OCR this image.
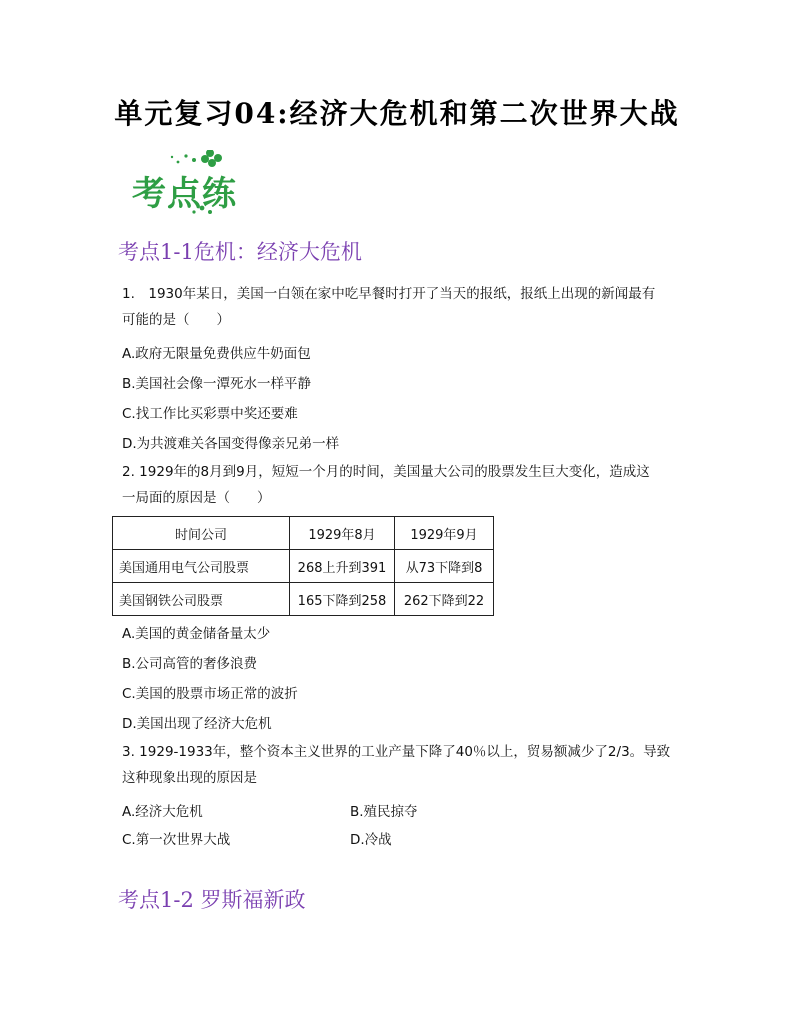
单元复习04:经济大危机和第二次世界大战
考点练
考点1-1危机：经济大危机
1.　1930年某日，美国一白领在家中吃早餐时打开了当天的报纸，报纸上出现的新闻最有
可能的是（　　）
A.政府无限量免费供应牛奶面包
B.美国社会像一潭死水一样平静
C.找工作比买彩票中奖还要难
D.为共渡难关各国变得像亲兄弟一样
2. 1929年的8月到9月，短短一个月的时间，美国量大公司的股票发生巨大变化，造成这
一局面的原因是（　　）
时间公司	1929年8月	1929年9月
美国通用电气公司股票	268上升到391	从73下降到8
美国钢铁公司股票	165下降到258	262下降到22
A.美国的黄金储备量太少
B.公司高管的奢侈浪费
C.美国的股票市场正常的波折
D.美国出现了经济大危机
3. 1929-1933年，整个资本主义世界的工业产量下降了40％以上，贸易额减少了2/3。导致
这种现象出现的原因是
A.经济大危机	B.殖民掠夺
C.第一次世界大战	D.冷战
考点1-2 罗斯福新政
